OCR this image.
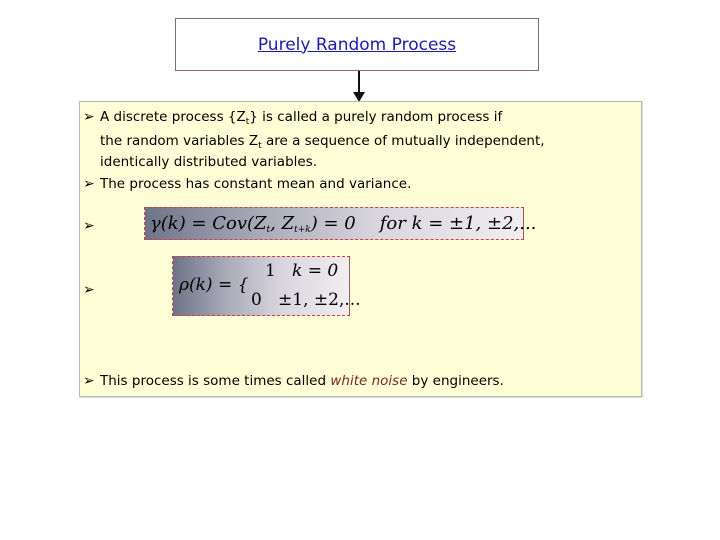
Purely Random Process
➢ A discrete process $\{Z_t\}$ is called a purely random process if
the random variables $Z_t$ are a sequence of mutually independent,
identically distributed variables.
➢ The process has constant mean and variance.
➢	$\gamma(k) = Cov(Z_t$, $Z_{t+k}) = 0$ for k = ±1, ±2,...
➢	ρ(k) = {
1 k = 0
0 ±1, ±2,...
➢ This process is some times called white noise by engineers.
